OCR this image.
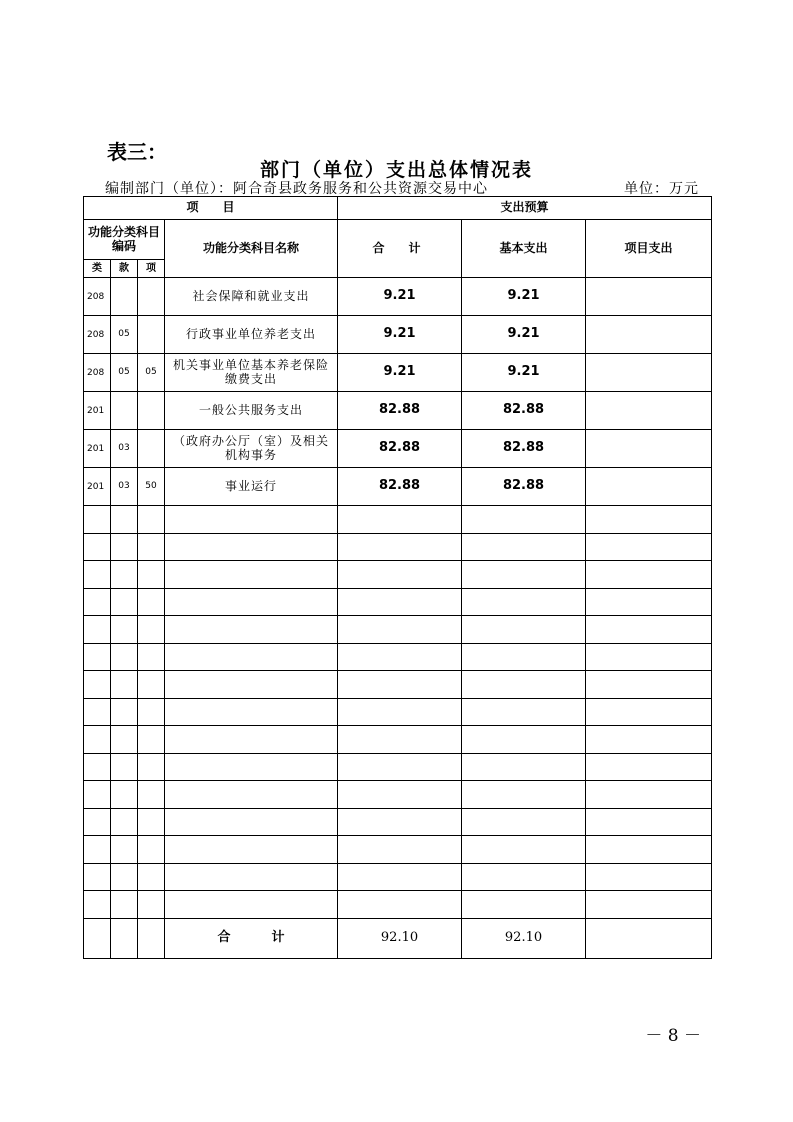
表三：
部门（单位）支出总体情况表
编制部门（单位）：阿合奇县政务服务和公共资源交易中心	单位：万元
项　　目				支出预算		
功能分类科目编码			功能分类科目名称	合　计	基本支出	项目支出
类	款	项				
208			社会保障和就业支出	9.21	9.21	
208	05		行政事业单位养老支出	9.21	9.21	
208	05	05	机关事业单位基本养老保险缴费支出	9.21	9.21	
201			一般公共服务支出	82.88	82.88	
201	03		（政府办公厅（室）及相关机构事务	82.88	82.88	
201	03	50	事业运行	82.88	82.88	

			合　计	92.10	92.10	
－ 8 －
